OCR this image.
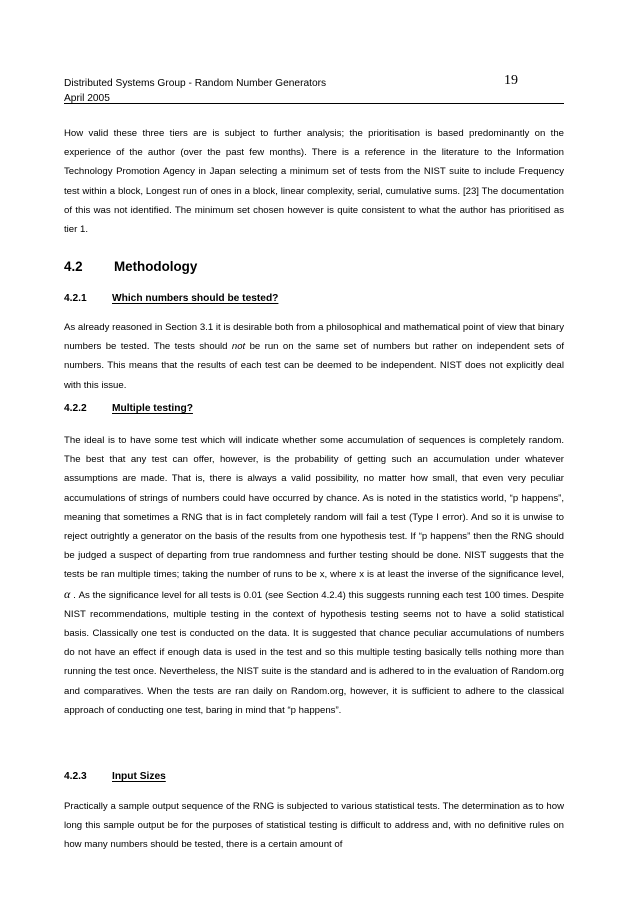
Distributed Systems Group - Random Number Generators
April 2005
19

How valid these three tiers are is subject to further analysis; the prioritisation is based predominantly on the experience of the author (over the past few months). There is a reference in the literature to the Information Technology Promotion Agency in Japan selecting a minimum set of tests from the NIST suite to include Frequency test within a block, Longest run of ones in a block, linear complexity, serial, cumulative sums. [23] The documentation of this was not identified. The minimum set chosen however is quite consistent to what the author has prioritised as tier 1.

4.2 Methodology
4.2.1 Which numbers should be tested?

As already reasoned in Section 3.1 it is desirable both from a philosophical and mathematical point of view that binary numbers be tested. The tests should not be run on the same set of numbers but rather on independent sets of numbers. This means that the results of each test can be deemed to be independent. NIST does not explicitly deal with this issue.

4.2.2 Multiple testing?

The ideal is to have some test which will indicate whether some accumulation of sequences is completely random. The best that any test can offer, however, is the probability of getting such an accumulation under whatever assumptions are made. That is, there is always a valid possibility, no matter how small, that even very peculiar accumulations of strings of numbers could have occurred by chance. As is noted in the statistics world, “p happens”, meaning that sometimes a RNG that is in fact completely random will fail a test (Type I error). And so it is unwise to reject outrightly a generator on the basis of the results from one hypothesis test. If “p happens” then the RNG should be judged a suspect of departing from true randomness and further testing should be done. NIST suggests that the tests be ran multiple times; taking the number of runs to be x, where x is at least the inverse of the significance level, α . As the significance level for all tests is 0.01 (see Section 4.2.4) this suggests running each test 100 times. Despite NIST recommendations, multiple testing in the context of hypothesis testing seems not to have a solid statistical basis. Classically one test is conducted on the data. It is suggested that chance peculiar accumulations of numbers do not have an effect if enough data is used in the test and so this multiple testing basically tells nothing more than running the test once. Nevertheless, the NIST suite is the standard and is adhered to in the evaluation of Random.org and comparatives. When the tests are ran daily on Random.org, however, it is sufficient to adhere to the classical approach of conducting one test, baring in mind that “p happens”.

4.2.3 Input Sizes

Practically a sample output sequence of the RNG is subjected to various statistical tests. The determination as to how long this sample output be for the purposes of statistical testing is difficult to address and, with no definitive rules on how many numbers should be tested, there is a certain amount of
